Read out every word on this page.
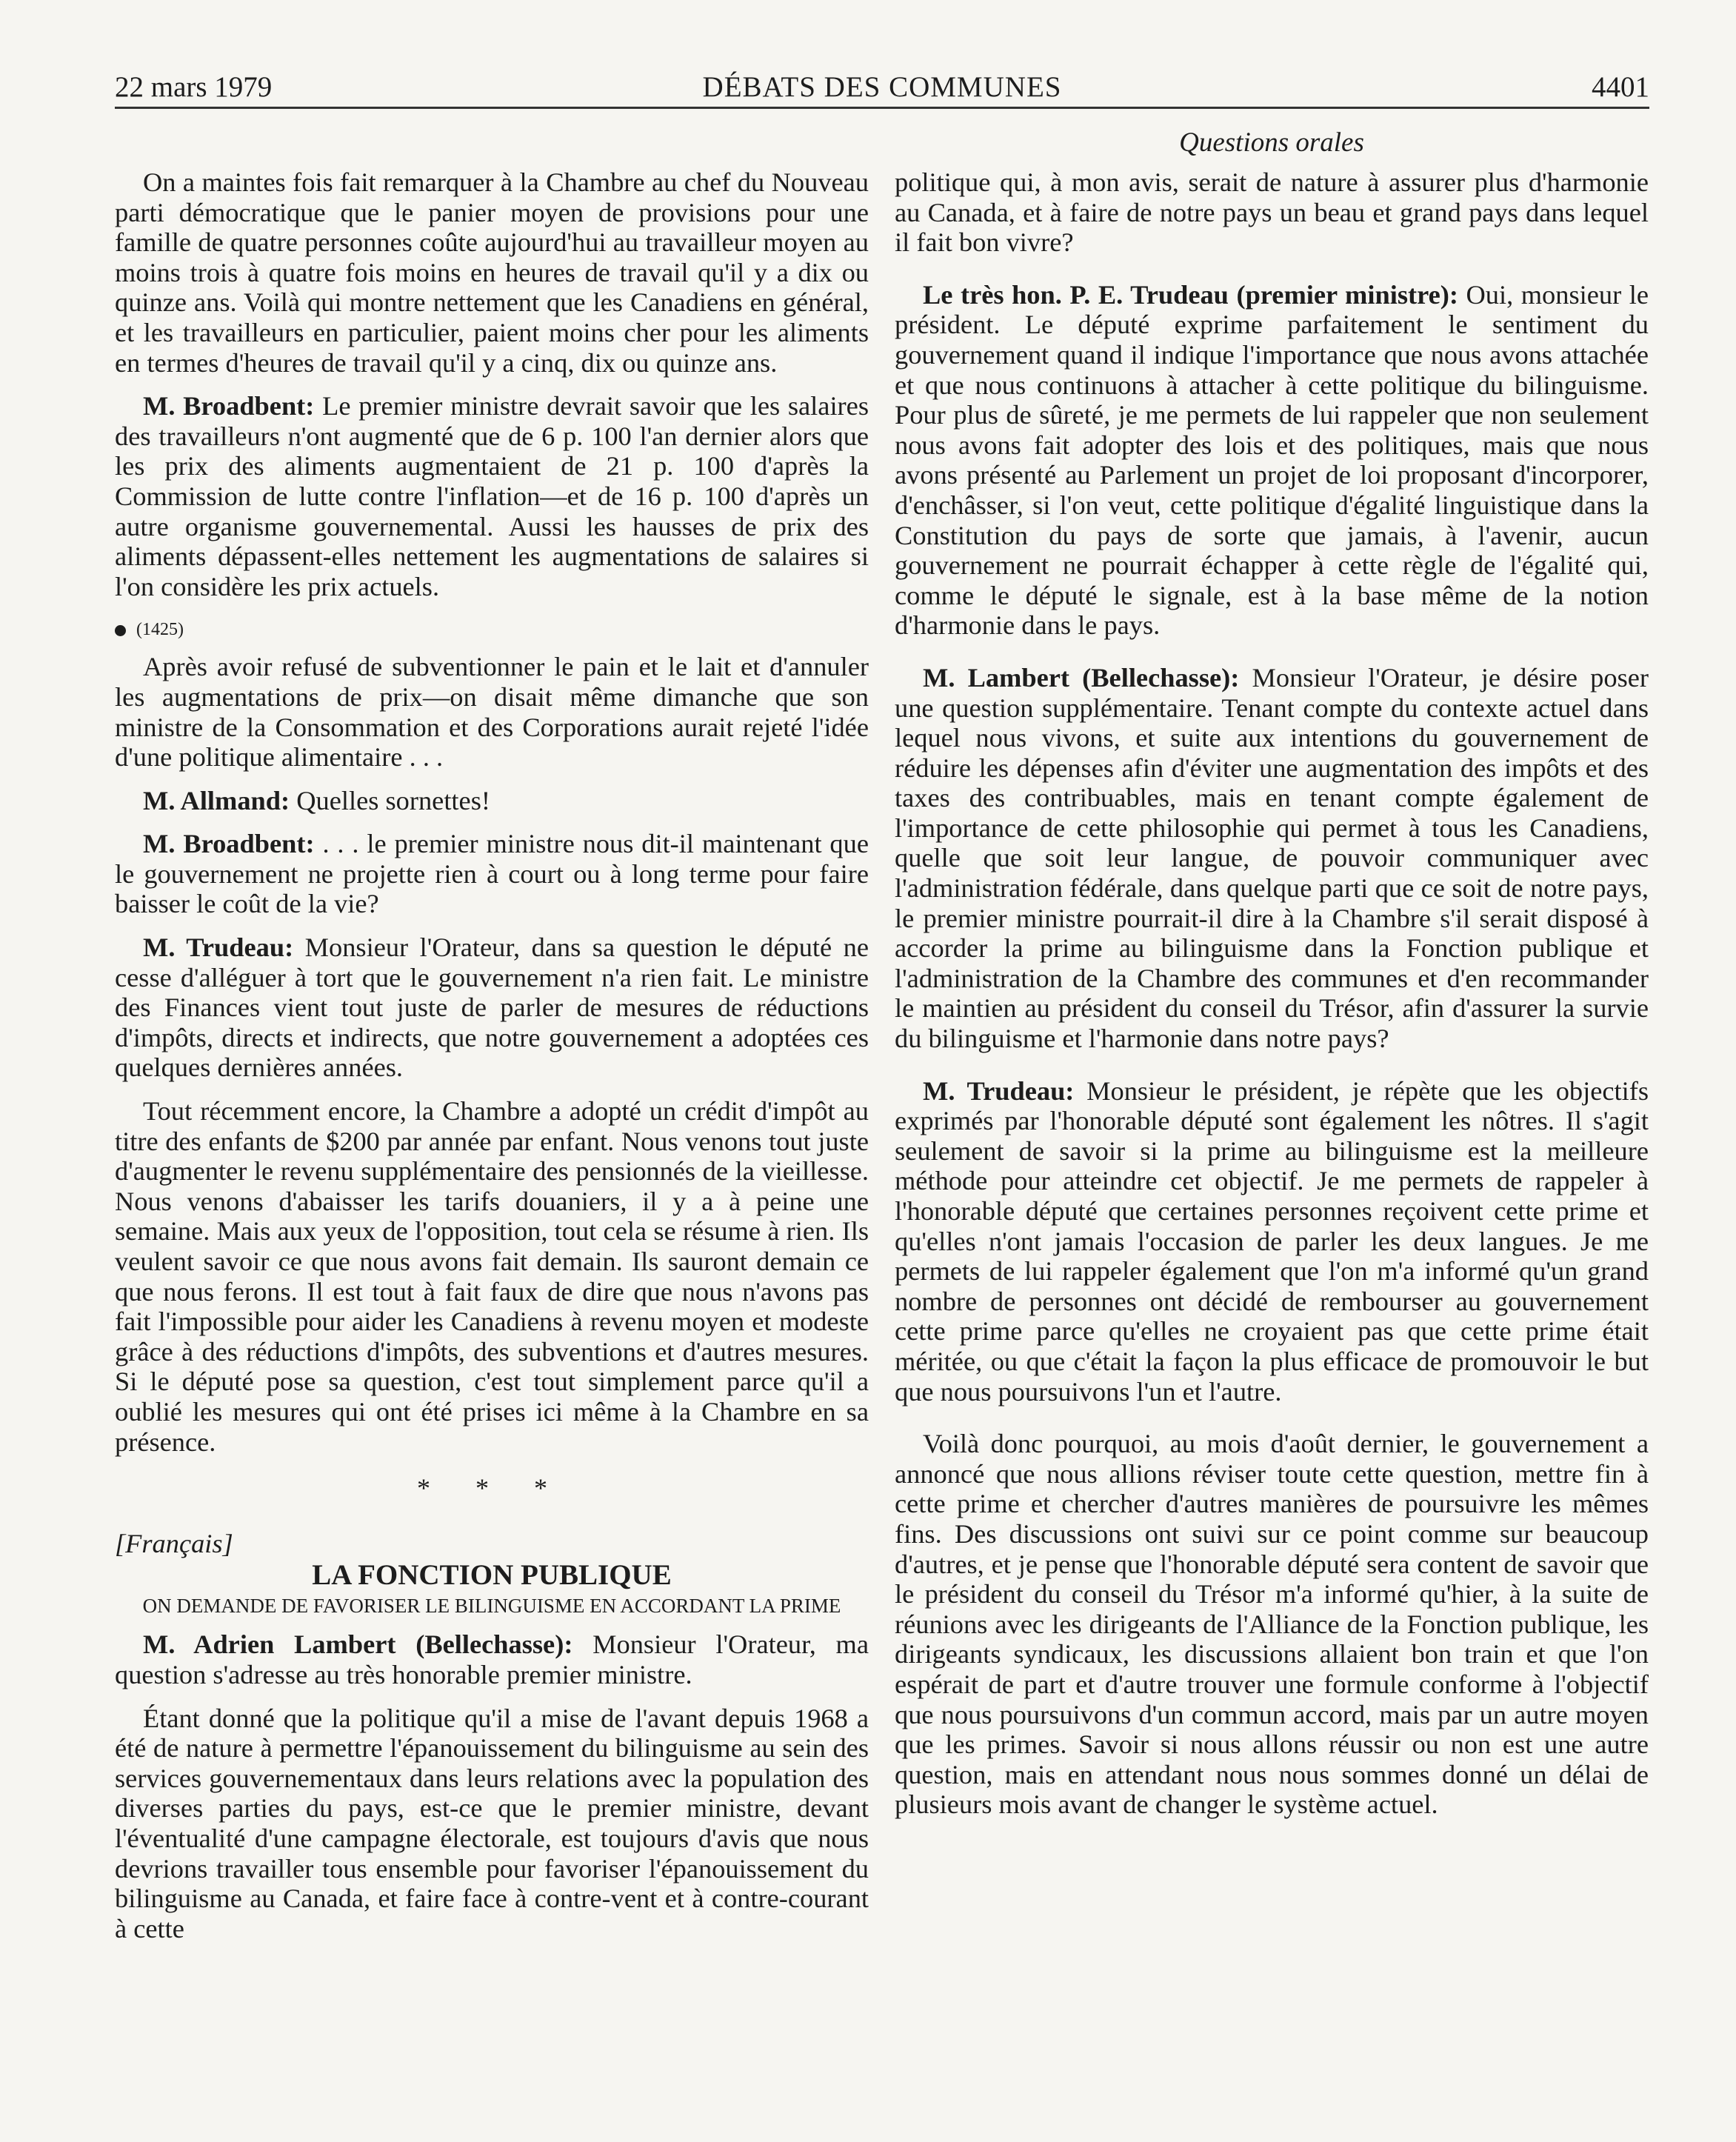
22 mars 1979	DÉBATS DES COMMUNES	4401
Questions orales

On a maintes fois fait remarquer à la Chambre au chef du Nouveau parti démocratique que le panier moyen de provisions pour une famille de quatre personnes coûte aujourd'hui au travailleur moyen au moins trois à quatre fois moins en heures de travail qu'il y a dix ou quinze ans. Voilà qui montre nettement que les Canadiens en général, et les travailleurs en particulier, paient moins cher pour les aliments en termes d'heures de travail qu'il y a cinq, dix ou quinze ans.

M. Broadbent: Le premier ministre devrait savoir que les salaires des travailleurs n'ont augmenté que de 6 p. 100 l'an dernier alors que les prix des aliments augmentaient de 21 p. 100 d'après la Commission de lutte contre l'inflation—et de 16 p. 100 d'après un autre organisme gouvernemental. Aussi les hausses de prix des aliments dépassent-elles nettement les augmentations de salaires si l'on considère les prix actuels.

(1425)

Après avoir refusé de subventionner le pain et le lait et d'annuler les augmentations de prix—on disait même dimanche que son ministre de la Consommation et des Corporations aurait rejeté l'idée d'une politique alimentaire . . .

M. Allmand: Quelles sornettes!

M. Broadbent: . . . le premier ministre nous dit-il maintenant que le gouvernement ne projette rien à court ou à long terme pour faire baisser le coût de la vie?

M. Trudeau: Monsieur l'Orateur, dans sa question le député ne cesse d'alléguer à tort que le gouvernement n'a rien fait. Le ministre des Finances vient tout juste de parler de mesures de réductions d'impôts, directs et indirects, que notre gouvernement a adoptées ces quelques dernières années.

Tout récemment encore, la Chambre a adopté un crédit d'impôt au titre des enfants de $200 par année par enfant. Nous venons tout juste d'augmenter le revenu supplémentaire des pensionnés de la vieillesse. Nous venons d'abaisser les tarifs douaniers, il y a à peine une semaine. Mais aux yeux de l'opposition, tout cela se résume à rien. Ils veulent savoir ce que nous avons fait demain. Ils sauront demain ce que nous ferons. Il est tout à fait faux de dire que nous n'avons pas fait l'impossible pour aider les Canadiens à revenu moyen et modeste grâce à des réductions d'impôts, des subventions et d'autres mesures. Si le député pose sa question, c'est tout simplement parce qu'il a oublié les mesures qui ont été prises ici même à la Chambre en sa présence.

* * *

[Français]

LA FONCTION PUBLIQUE

ON DEMANDE DE FAVORISER LE BILINGUISME EN ACCORDANT LA PRIME

M. Adrien Lambert (Bellechasse): Monsieur l'Orateur, ma question s'adresse au très honorable premier ministre.

Étant donné que la politique qu'il a mise de l'avant depuis 1968 a été de nature à permettre l'épanouissement du bilinguisme au sein des services gouvernementaux dans leurs relations avec la population des diverses parties du pays, est-ce que le premier ministre, devant l'éventualité d'une campagne électorale, est toujours d'avis que nous devrions travailler tous ensemble pour favoriser l'épanouissement du bilinguisme au Canada, et faire face à contre-vent et à contre-courant à cette

politique qui, à mon avis, serait de nature à assurer plus d'harmonie au Canada, et à faire de notre pays un beau et grand pays dans lequel il fait bon vivre?

Le très hon. P. E. Trudeau (premier ministre): Oui, monsieur le président. Le député exprime parfaitement le sentiment du gouvernement quand il indique l'importance que nous avons attachée et que nous continuons à attacher à cette politique du bilinguisme. Pour plus de sûreté, je me permets de lui rappeler que non seulement nous avons fait adopter des lois et des politiques, mais que nous avons présenté au Parlement un projet de loi proposant d'incorporer, d'enchâsser, si l'on veut, cette politique d'égalité linguistique dans la Constitution du pays de sorte que jamais, à l'avenir, aucun gouvernement ne pourrait échapper à cette règle de l'égalité qui, comme le député le signale, est à la base même de la notion d'harmonie dans le pays.

M. Lambert (Bellechasse): Monsieur l'Orateur, je désire poser une question supplémentaire. Tenant compte du contexte actuel dans lequel nous vivons, et suite aux intentions du gouvernement de réduire les dépenses afin d'éviter une augmentation des impôts et des taxes des contribuables, mais en tenant compte également de l'importance de cette philosophie qui permet à tous les Canadiens, quelle que soit leur langue, de pouvoir communiquer avec l'administration fédérale, dans quelque parti que ce soit de notre pays, le premier ministre pourrait-il dire à la Chambre s'il serait disposé à accorder la prime au bilinguisme dans la Fonction publique et l'administration de la Chambre des communes et d'en recommander le maintien au président du conseil du Trésor, afin d'assurer la survie du bilinguisme et l'harmonie dans notre pays?

M. Trudeau: Monsieur le président, je répète que les objectifs exprimés par l'honorable député sont également les nôtres. Il s'agit seulement de savoir si la prime au bilinguisme est la meilleure méthode pour atteindre cet objectif. Je me permets de rappeler à l'honorable député que certaines personnes reçoivent cette prime et qu'elles n'ont jamais l'occasion de parler les deux langues. Je me permets de lui rappeler également que l'on m'a informé qu'un grand nombre de personnes ont décidé de rembourser au gouvernement cette prime parce qu'elles ne croyaient pas que cette prime était méritée, ou que c'était la façon la plus efficace de promouvoir le but que nous poursuivons l'un et l'autre.

Voilà donc pourquoi, au mois d'août dernier, le gouvernement a annoncé que nous allions réviser toute cette question, mettre fin à cette prime et chercher d'autres manières de poursuivre les mêmes fins. Des discussions ont suivi sur ce point comme sur beaucoup d'autres, et je pense que l'honorable député sera content de savoir que le président du conseil du Trésor m'a informé qu'hier, à la suite de réunions avec les dirigeants de l'Alliance de la Fonction publique, les dirigeants syndicaux, les discussions allaient bon train et que l'on espérait de part et d'autre trouver une formule conforme à l'objectif que nous poursuivons d'un commun accord, mais par un autre moyen que les primes. Savoir si nous allons réussir ou non est une autre question, mais en attendant nous nous sommes donné un délai de plusieurs mois avant de changer le système actuel.
